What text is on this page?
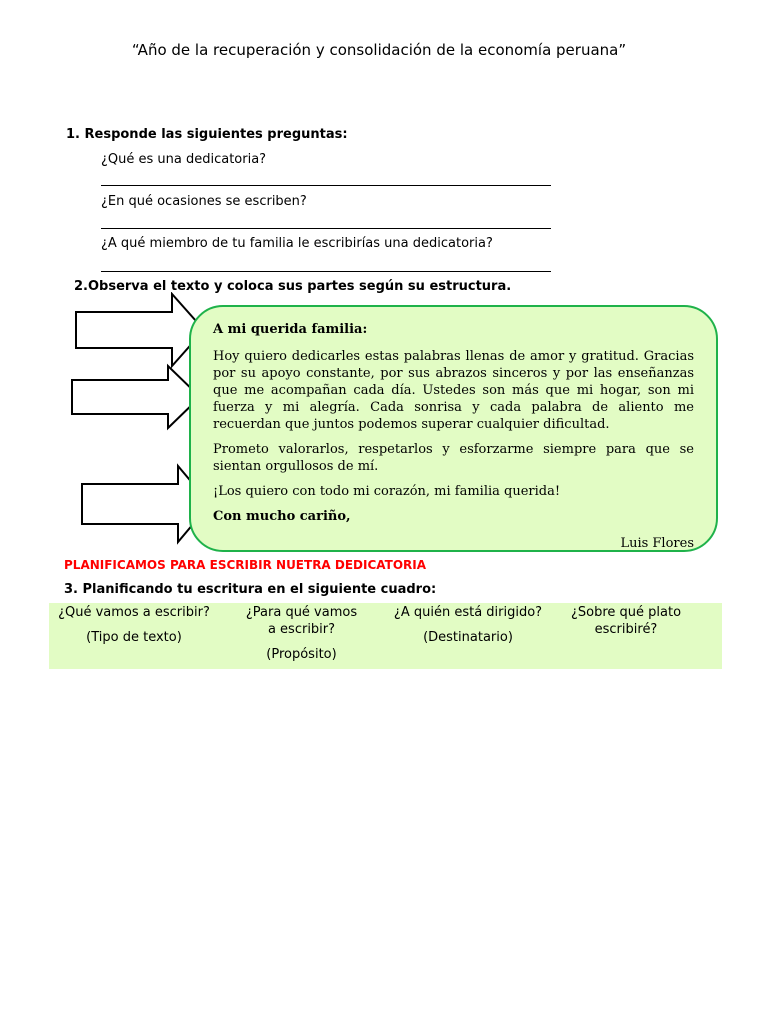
“Año de la recuperación y consolidación de la economía peruana”
1. Responde las siguientes preguntas:
¿Qué es una dedicatoria?
¿En qué ocasiones se escriben?
¿A qué miembro de tu familia le escribirías una dedicatoria?
2.Observa el texto y coloca sus partes según su estructura.

A mi querida familia:

Hoy quiero dedicarles estas palabras llenas de amor y gratitud. Gracias por su apoyo constante, por sus abrazos sinceros y por las enseñanzas que me acompañan cada día. Ustedes son más que mi hogar, son mi fuerza y mi alegría. Cada sonrisa y cada palabra de aliento me recuerdan que juntos podemos superar cualquier dificultad.

Prometo valorarlos, respetarlos y esforzarme siempre para que se sientan orgullosos de mí.

¡Los quiero con todo mi corazón, mi familia querida!

Con mucho cariño,

Luis Flores

PLANIFICAMOS PARA ESCRIBIR NUETRA DEDICATORIA
3. Planificando tu escritura en el siguiente cuadro:
¿Qué vamos a escribir?
(Tipo de texto)
¿Para qué vamos a escribir?
(Propósito)
¿A quién está dirigido?
(Destinatario)
¿Sobre qué plato escribiré?
